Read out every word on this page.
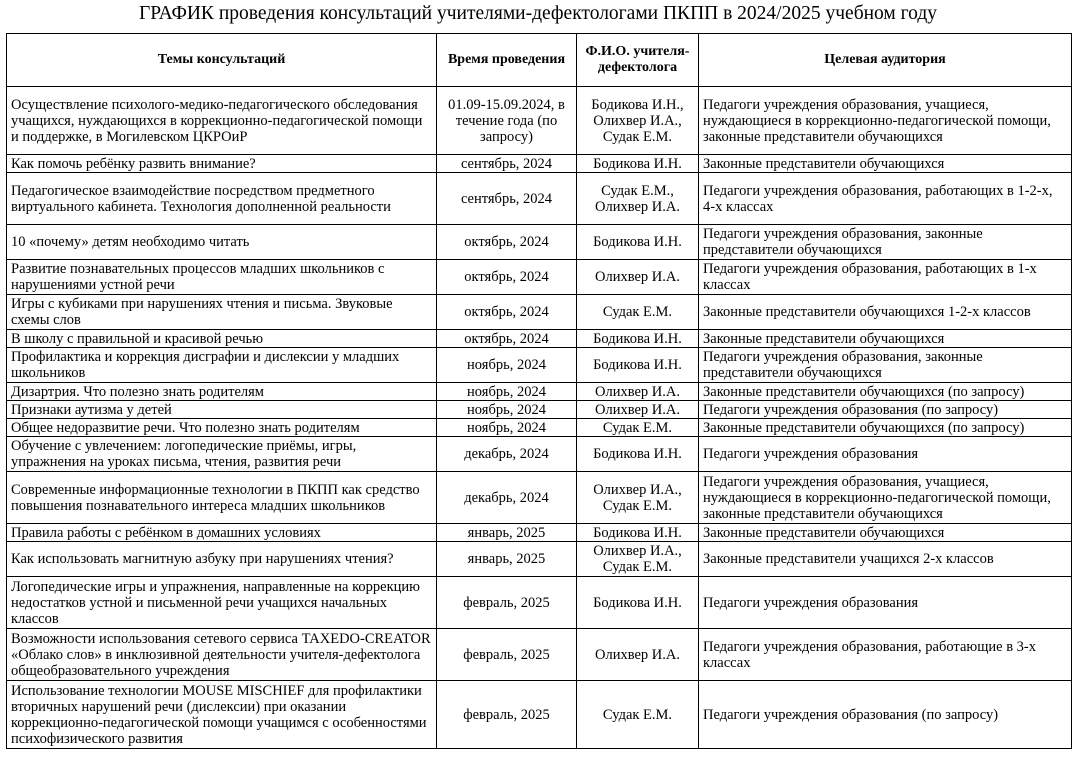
ГРАФИК проведения консультаций учителями-дефектологами ПКПП в 2024/2025 учебном году
Темы консультаций	Время проведения	Ф.И.О. учителя-дефектолога	Целевая аудитория
Осуществление психолого-медико-педагогического обследования учащихся, нуждающихся в коррекционно-педагогической помощи и поддержке, в Могилевском ЦКРОиР	01.09-15.09.2024, в течение года (по запросу)	Бодикова И.Н., Олихвер И.А., Судак Е.М.	Педагоги учреждения образования, учащиеся, нуждающиеся в коррекционно-педагогической помощи, законные представители обучающихся
Как помочь ребёнку развить внимание?	сентябрь, 2024	Бодикова И.Н.	Законные представители обучающихся
Педагогическое взаимодействие посредством предметного виртуального кабинета. Технология дополненной реальности	сентябрь, 2024	Судак Е.М., Олихвер И.А.	Педагоги учреждения образования, работающих в 1-2-х, 4-х классах
10 «почему» детям необходимо читать	октябрь, 2024	Бодикова И.Н.	Педагоги учреждения образования, законные представители обучающихся
Развитие познавательных процессов младших школьников с нарушениями устной речи	октябрь, 2024	Олихвер И.А.	Педагоги учреждения образования, работающих в 1-х классах
Игры с кубиками при нарушениях чтения и письма. Звуковые схемы слов	октябрь, 2024	Судак Е.М.	Законные представители обучающихся 1-2-х классов
В школу с правильной и красивой речью	октябрь, 2024	Бодикова И.Н.	Законные представители обучающихся
Профилактика и коррекция дисграфии и дислексии у младших школьников	ноябрь, 2024	Бодикова И.Н.	Педагоги учреждения образования, законные представители обучающихся
Дизартрия. Что полезно знать родителям	ноябрь, 2024	Олихвер И.А.	Законные представители обучающихся (по запросу)
Признаки аутизма у детей	ноябрь, 2024	Олихвер И.А.	Педагоги учреждения образования (по запросу)
Общее недоразвитие речи. Что полезно знать родителям	ноябрь, 2024	Судак Е.М.	Законные представители обучающихся (по запросу)
Обучение с увлечением: логопедические приёмы, игры, упражнения на уроках письма, чтения, развития речи	декабрь, 2024	Бодикова И.Н.	Педагоги учреждения образования
Современные информационные технологии в ПКПП как средство повышения познавательного интереса младших школьников	декабрь, 2024	Олихвер И.А., Судак Е.М.	Педагоги учреждения образования, учащиеся, нуждающиеся в коррекционно-педагогической помощи, законные представители обучающихся
Правила работы с ребёнком в домашних условиях	январь, 2025	Бодикова И.Н.	Законные представители обучающихся
Как использовать магнитную азбуку при нарушениях чтения?	январь, 2025	Олихвер И.А., Судак Е.М.	Законные представители учащихся 2-х классов
Логопедические игры и упражнения, направленные на коррекцию недостатков устной и письменной речи учащихся начальных классов	февраль, 2025	Бодикова И.Н.	Педагоги учреждения образования
Возможности использования сетевого сервиса TAXEDO-CREATOR «Облако слов» в инклюзивной деятельности учителя-дефектолога общеобразовательного учреждения	февраль, 2025	Олихвер И.А.	Педагоги учреждения образования, работающие в 3-х классах
Использование технологии MOUSE MISCHIEF для профилактики вторичных нарушений речи (дислексии) при оказании коррекционно-педагогической помощи учащимся с особенностями психофизического развития	февраль, 2025	Судак Е.М.	Педагоги учреждения образования (по запросу)
